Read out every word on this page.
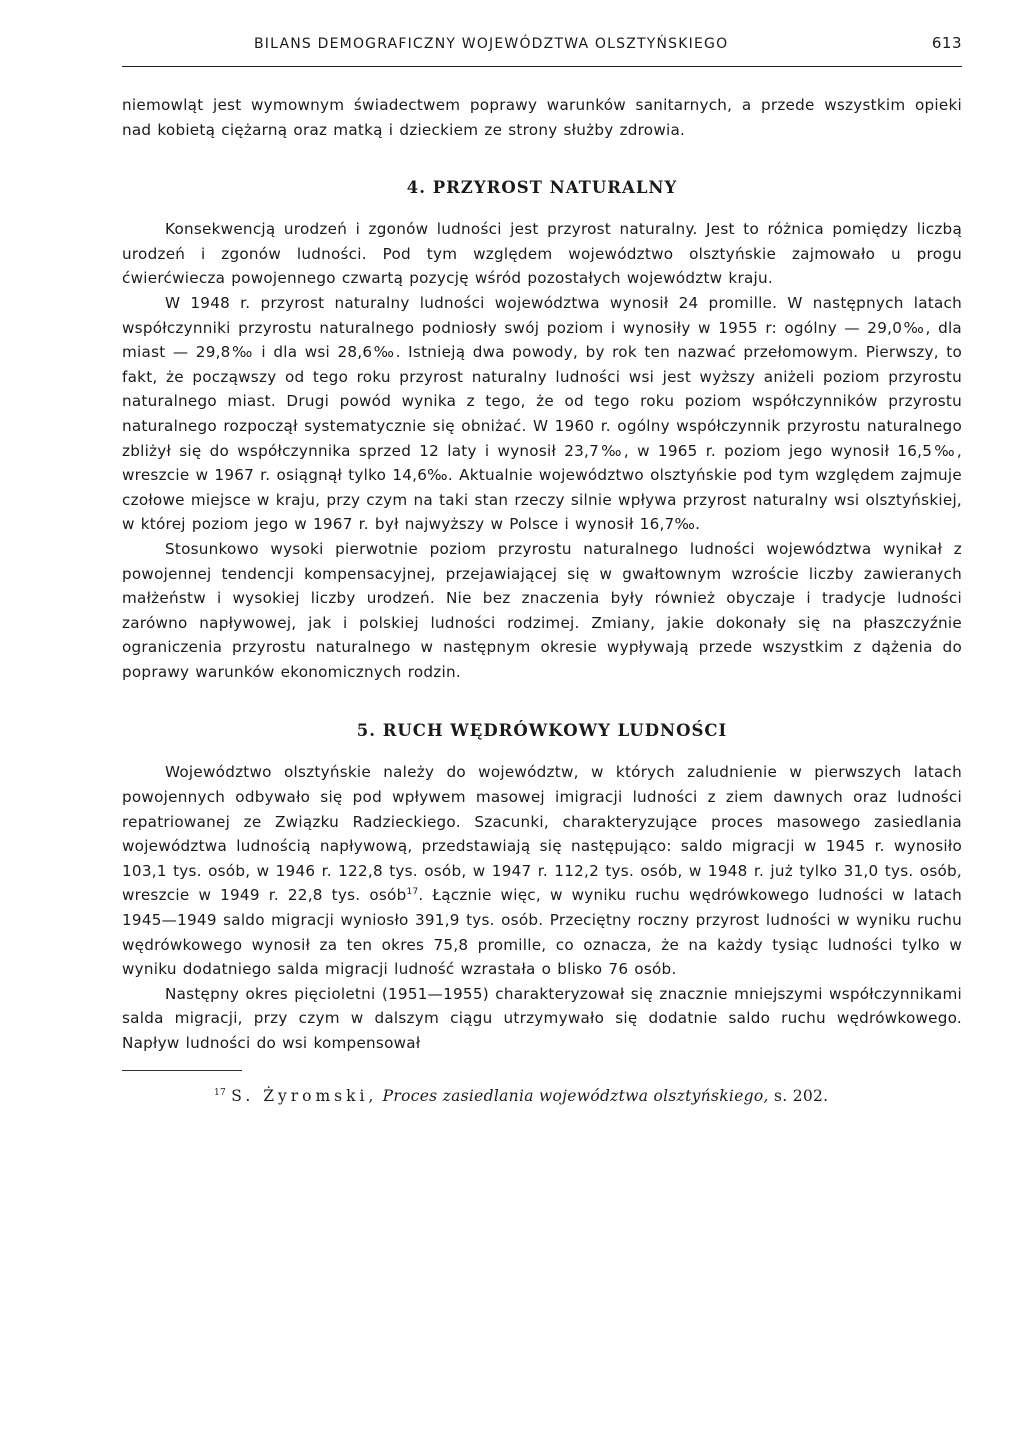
BILANS DEMOGRAFICZNY WOJEWÓDZTWA OLSZTYŃSKIEGO	613

niemowląt jest wymownym świadectwem poprawy warunków sanitarnych, a przede wszystkim opieki nad kobietą ciężarną oraz matką i dzieckiem ze strony służby zdrowia.

4. PRZYROST NATURALNY

Konsekwencją urodzeń i zgonów ludności jest przyrost naturalny. Jest to różnica pomiędzy liczbą urodzeń i zgonów ludności. Pod tym względem województwo olsztyńskie zajmowało u progu ćwierćwiecza powojennego czwartą pozycję wśród pozostałych województw kraju.

W 1948 r. przyrost naturalny ludności województwa wynosił 24 promille. W następnych latach współczynniki przyrostu naturalnego podniosły swój poziom i wynosiły w 1955 r: ogólny — 29,0‰, dla miast — 29,8‰ i dla wsi 28,6‰. Istnieją dwa powody, by rok ten nazwać przełomowym. Pierwszy, to fakt, że począwszy od tego roku przyrost naturalny ludności wsi jest wyższy aniżeli poziom przyrostu naturalnego miast. Drugi powód wynika z tego, że od tego roku poziom współczynników przyrostu naturalnego rozpoczął systematycznie się obniżać. W 1960 r. ogólny współczynnik przyrostu naturalnego zbliżył się do współczynnika sprzed 12 laty i wynosił 23,7‰, w 1965 r. poziom jego wynosił 16,5‰, wreszcie w 1967 r. osiągnął tylko 14,6‰. Aktualnie województwo olsztyńskie pod tym względem zajmuje czołowe miejsce w kraju, przy czym na taki stan rzeczy silnie wpływa przyrost naturalny wsi olsztyńskiej, w której poziom jego w 1967 r. był najwyższy w Polsce i wynosił 16,7‰.

Stosunkowo wysoki pierwotnie poziom przyrostu naturalnego ludności województwa wynikał z powojennej tendencji kompensacyjnej, przejawiającej się w gwałtownym wzroście liczby zawieranych małżeństw i wysokiej liczby urodzeń. Nie bez znaczenia były również obyczaje i tradycje ludności zarówno napływowej, jak i polskiej ludności rodzimej. Zmiany, jakie dokonały się na płaszczyźnie ograniczenia przyrostu naturalnego w następnym okresie wypływają przede wszystkim z dążenia do poprawy warunków ekonomicznych rodzin.

5. RUCH WĘDRÓWKOWY LUDNOŚCI

Województwo olsztyńskie należy do województw, w których zaludnienie w pierwszych latach powojennych odbywało się pod wpływem masowej imigracji ludności z ziem dawnych oraz ludności repatriowanej ze Związku Radzieckiego. Szacunki, charakteryzujące proces masowego zasiedlania województwa ludnością napływową, przedstawiają się następująco: saldo migracji w 1945 r. wynosiło 103,1 tys. osób, w 1946 r. 122,8 tys. osób, w 1947 r. 112,2 tys. osób, w 1948 r. już tylko 31,0 tys. osób, wreszcie w 1949 r. 22,8 tys. osób$^{17}$. Łącznie więc, w wyniku ruchu wędrówkowego ludności w latach 1945—1949 saldo migracji wyniosło 391,9 tys. osób. Przeciętny roczny przyrost ludności w wyniku ruchu wędrówkowego wynosił za ten okres 75,8 promille, co oznacza, że na każdy tysiąc ludności tylko w wyniku dodatniego salda migracji ludność wzrastała o blisko 76 osób.

Następny okres pięcioletni (1951—1955) charakteryzował się znacznie mniejszymi współczynnikami salda migracji, przy czym w dalszym ciągu utrzymywało się dodatnie saldo ruchu wędrówkowego. Napływ ludności do wsi kompensował

$^{17}$ S. Żyromski, Proces zasiedlania województwa olsztyńskiego, s. 202.
